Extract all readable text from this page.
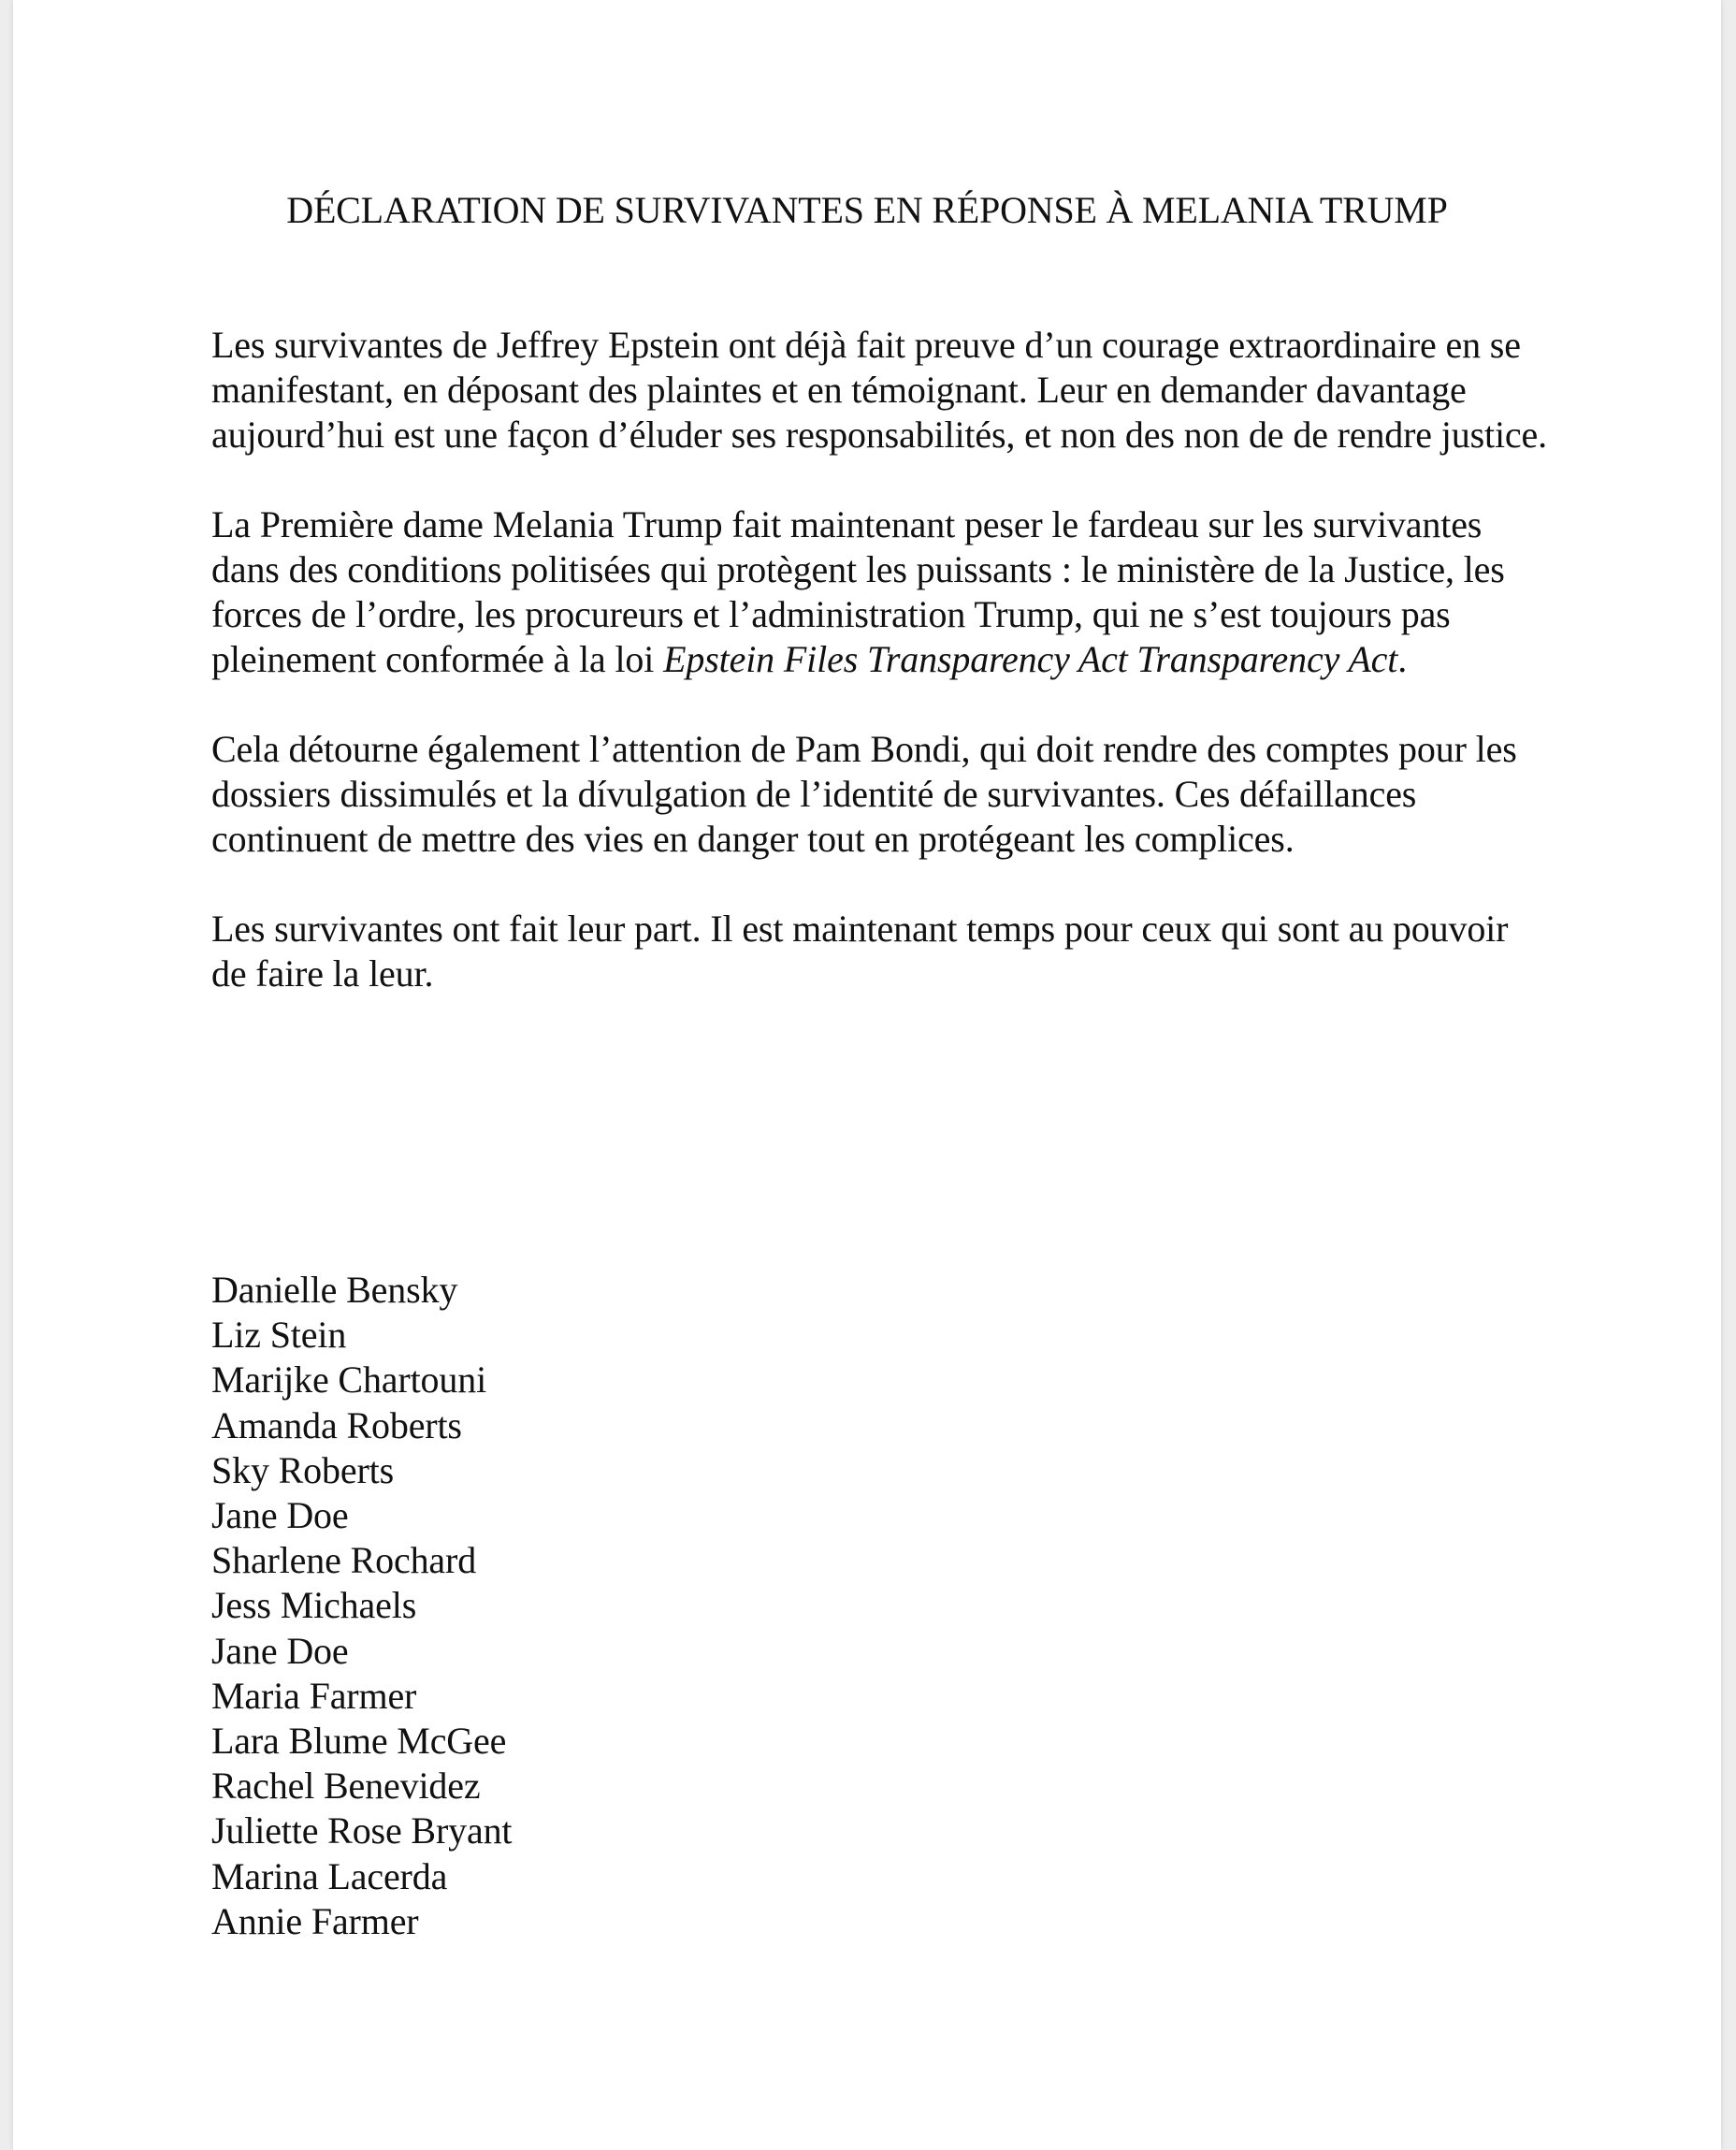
DÉCLARATION DE SURVIVANTES EN RÉPONSE À MELANIA TRUMP

Les survivantes de Jeffrey Epstein ont déjà fait preuve d’un courage extraordinaire en se manifestant, en déposant des plaintes et en témoignant. Leur en demander davantage aujourd’hui est une façon d’éluder ses responsabilités, et non des non de de rendre justice.

La Première dame Melania Trump fait maintenant peser le fardeau sur les survivantes dans des conditions politisées qui protègent les puissants : le ministère de la Justice, les forces de l’ordre, les procureurs et l’administration Trump, qui ne s’est toujours pas pleinement conformée à la loi Epstein Files Transparency Act Transparency Act.

Cela détourne également l’attention de Pam Bondi, qui doit rendre des comptes pour les dossiers dissimulés et la dívulgation de l’identité de survivantes. Ces défaillances continuent de mettre des vies en danger tout en protégeant les complices.

Les survivantes ont fait leur part. Il est maintenant temps pour ceux qui sont au pouvoir de faire la leur.

Danielle Bensky
Liz Stein
Marijke Chartouni
Amanda Roberts
Sky Roberts
Jane Doe
Sharlene Rochard
Jess Michaels
Jane Doe
Maria Farmer
Lara Blume McGee
Rachel Benevidez
Juliette Rose Bryant
Marina Lacerda
Annie Farmer
